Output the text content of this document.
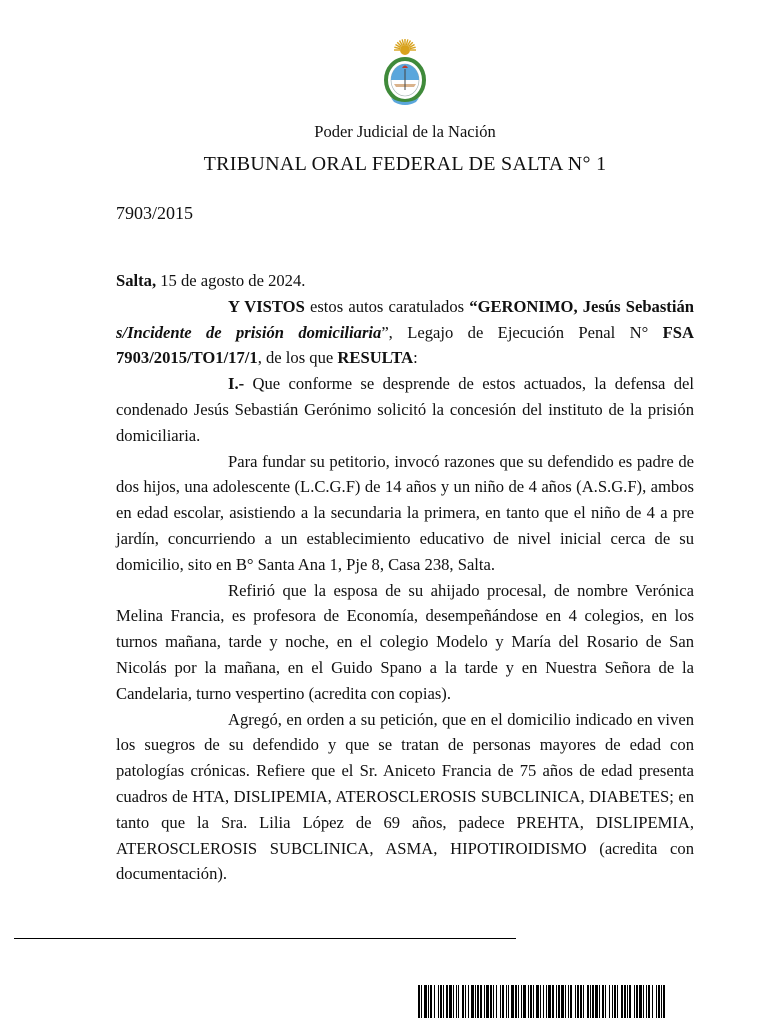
Poder Judicial de la Nación
TRIBUNAL ORAL FEDERAL DE SALTA N° 1
7903/2015

Salta, 15 de agosto de 2024.

Y VISTOS estos autos caratulados “GERONIMO, Jesús Sebastián s/Incidente de prisión domiciliaria”, Legajo de Ejecución Penal N° FSA 7903/2015/TO1/17/1, de los que RESULTA:

I.- Que conforme se desprende de estos actuados, la defensa del condenado Jesús Sebastián Gerónimo solicitó la concesión del instituto de la prisión domiciliaria.

Para fundar su petitorio, invocó razones que su defendido es padre de dos hijos, una adolescente (L.C.G.F) de 14 años y un niño de 4 años (A.S.G.F), ambos en edad escolar, asistiendo a la secundaria la primera, en tanto que el niño de 4 a pre jardín, concurriendo a un establecimiento educativo de nivel inicial cerca de su domicilio, sito en B° Santa Ana 1, Pje 8, Casa 238, Salta.

Refirió que la esposa de su ahijado procesal, de nombre Verónica Melina Francia, es profesora de Economía, desempeñándose en 4 colegios, en los turnos mañana, tarde y noche, en el colegio Modelo y María del Rosario de San Nicolás por la mañana, en el Guido Spano a la tarde y en Nuestra Señora de la Candelaria, turno vespertino (acredita con copias).

Agregó, en orden a su petición, que en el domicilio indicado en viven los suegros de su defendido y que se tratan de personas mayores de edad con patologías crónicas. Refiere que el Sr. Aniceto Francia de 75 años de edad presenta cuadros de HTA, DISLIPEMIA, ATEROSCLEROSIS SUBCLINICA, DIABETES; en tanto que la Sra. Lilia López de 69 años, padece PREHTA, DISLIPEMIA, ATEROSCLEROSIS SUBCLINICA, ASMA, HIPOTIROIDISMO (acredita con documentación).
